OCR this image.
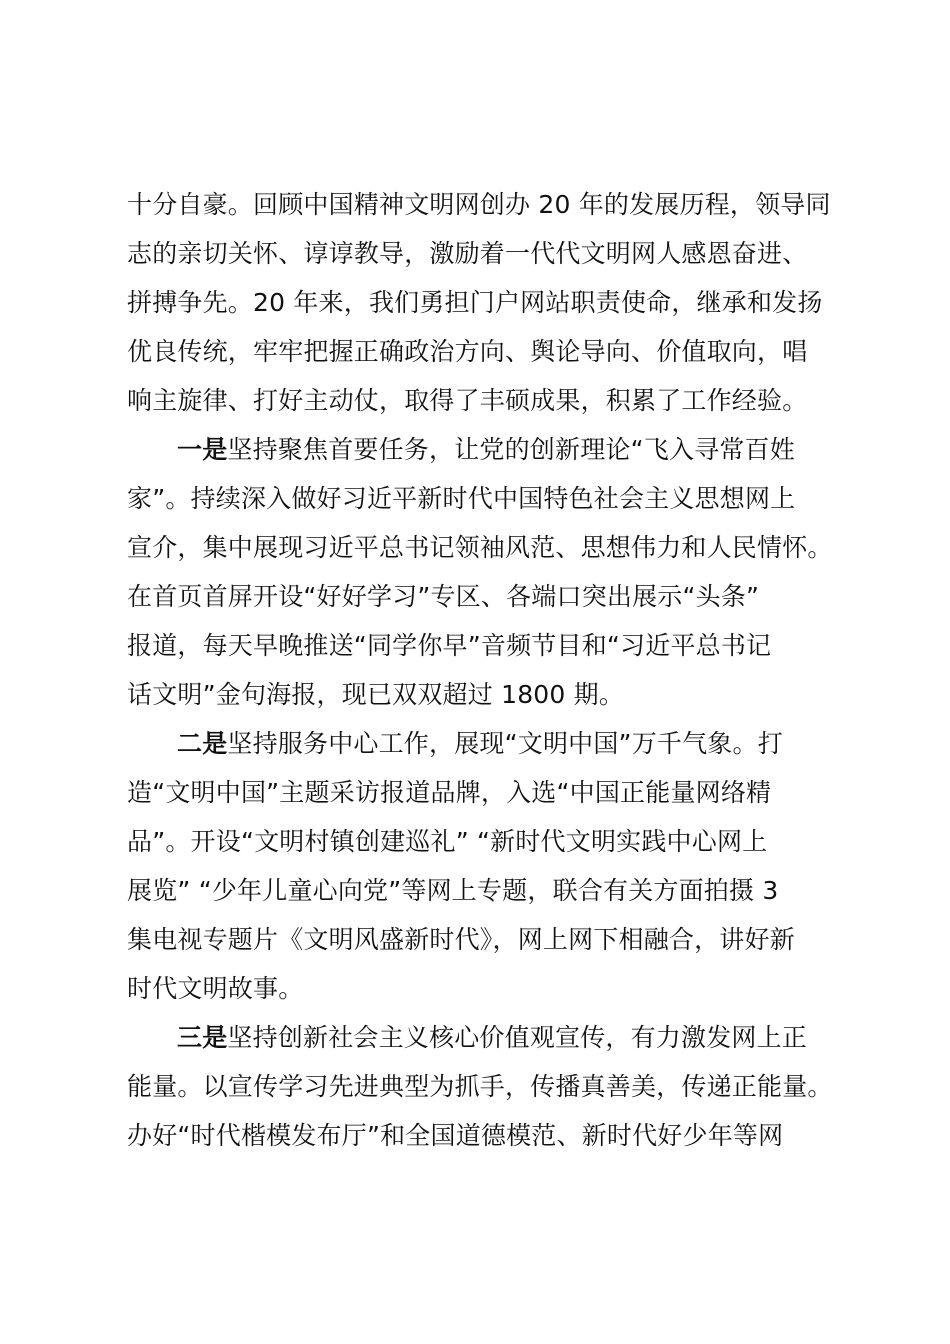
十分自豪。回顾中国精神文明网创办 20 年的发展历程，领导同
志的亲切关怀、谆谆教导，激励着一代代文明网人感恩奋进、
拼搏争先。20 年来，我们勇担门户网站职责使命，继承和发扬
优良传统，牢牢把握正确政治方向、舆论导向、价值取向，唱
响主旋律、打好主动仗，取得了丰硕成果，积累了工作经验。
一是坚持聚焦首要任务，让党的创新理论“飞入寻常百姓
家”。持续深入做好习近平新时代中国特色社会主义思想网上
宣介，集中展现习近平总书记领袖风范、思想伟力和人民情怀。
在首页首屏开设“好好学习”专区、各端口突出展示“头条”
报道，每天早晚推送“同学你早”音频节目和“习近平总书记
话文明”金句海报，现已双双超过 1800 期。
二是坚持服务中心工作，展现“文明中国”万千气象。打
造“文明中国”主题采访报道品牌，入选“中国正能量网络精
品”。开设“文明村镇创建巡礼” “新时代文明实践中心网上
展览” “少年儿童心向党”等网上专题，联合有关方面拍摄 3
集电视专题片《文明风盛新时代》，网上网下相融合，讲好新
时代文明故事。
三是坚持创新社会主义核心价值观宣传，有力激发网上正
能量。以宣传学习先进典型为抓手，传播真善美，传递正能量。
办好“时代楷模发布厅”和全国道德模范、新时代好少年等网
